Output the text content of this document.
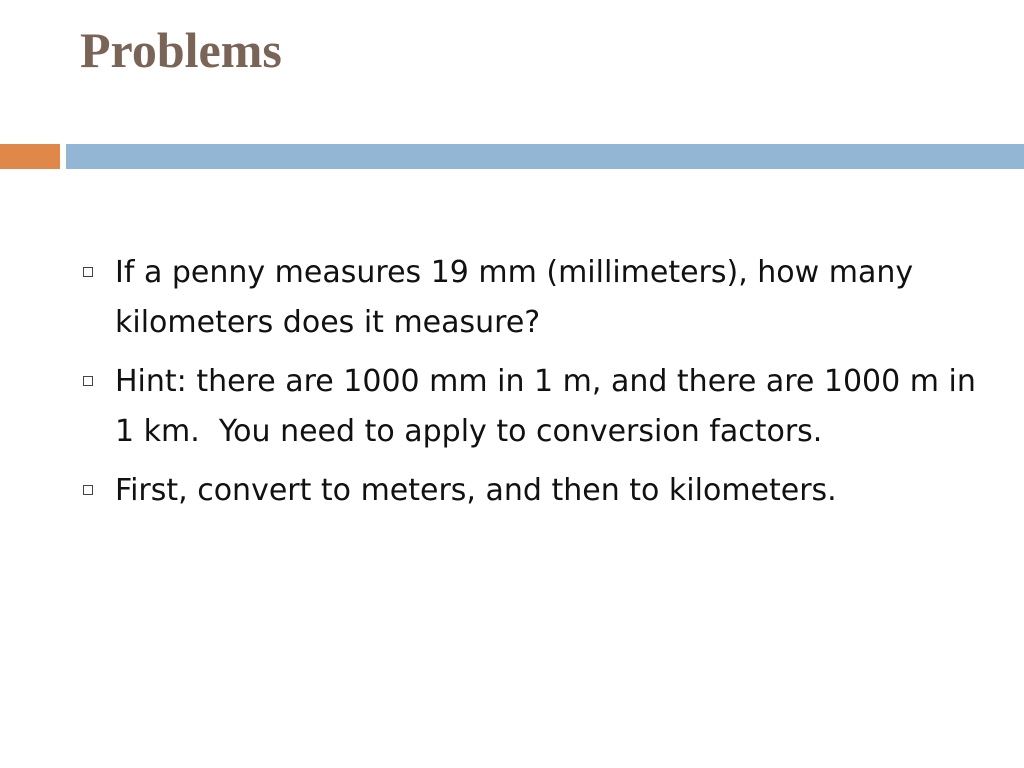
Problems
If a penny measures 19 mm (millimeters), how many kilometers does it measure?
Hint: there are 1000 mm in 1 m, and there are 1000 m in 1 km.  You need to apply to conversion factors.
First, convert to meters, and then to kilometers.
